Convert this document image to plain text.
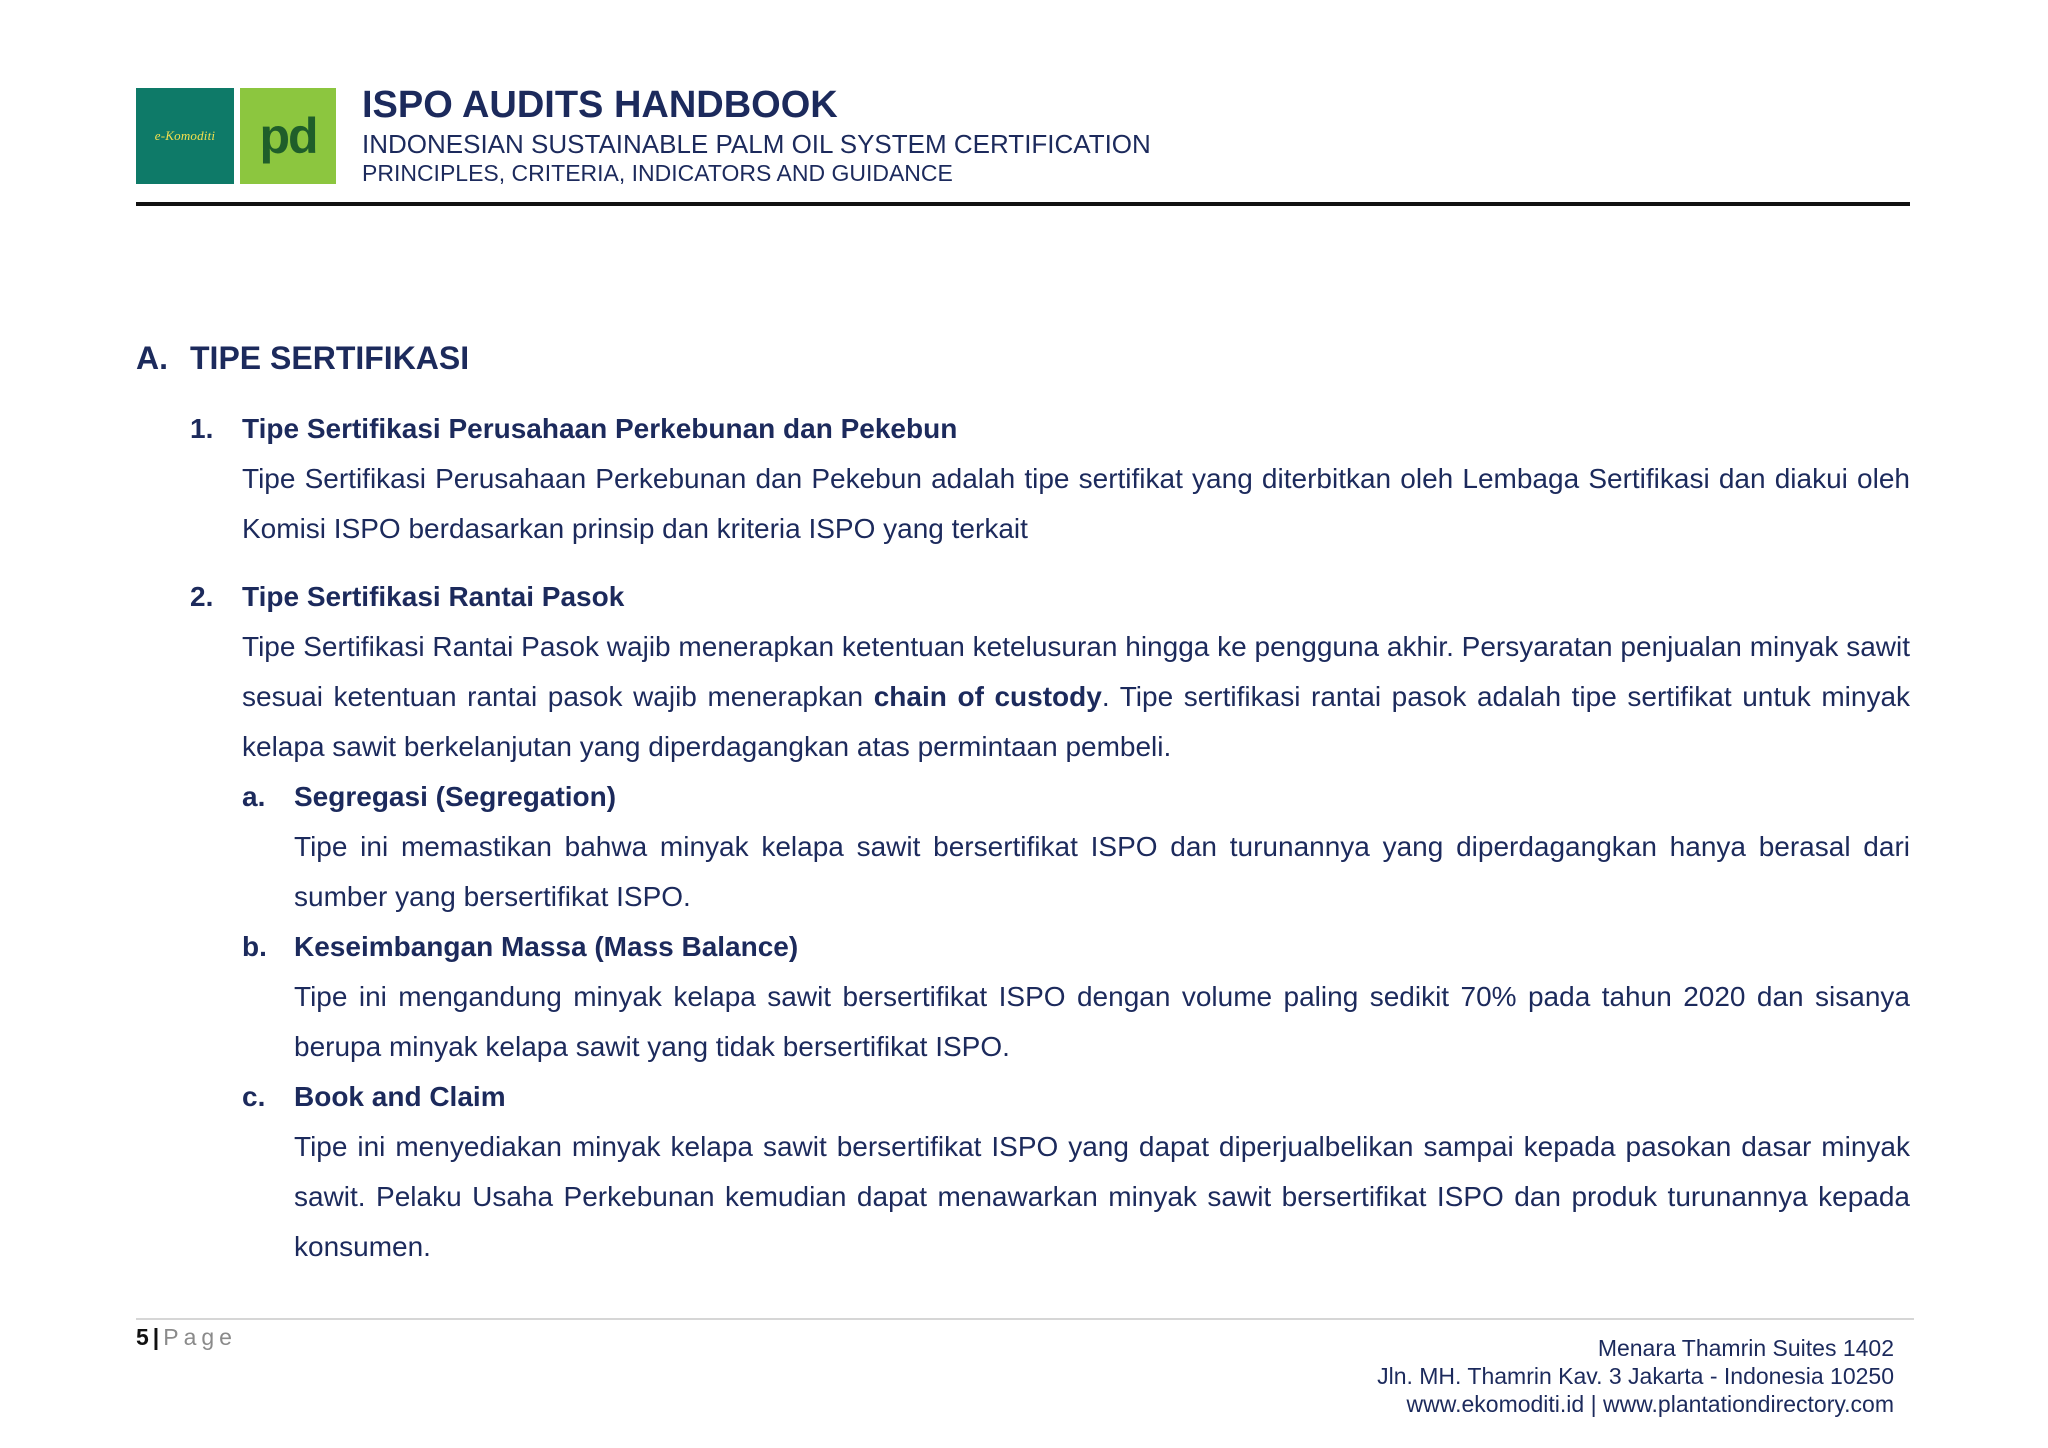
e-Komoditi pd
ISPO AUDITS HANDBOOK
INDONESIAN SUSTAINABLE PALM OIL SYSTEM CERTIFICATION
PRINCIPLES, CRITERIA, INDICATORS AND GUIDANCE
A. TIPE SERTIFIKASI
1. Tipe Sertifikasi Perusahaan Perkebunan dan Pekebun

Tipe Sertifikasi Perusahaan Perkebunan dan Pekebun adalah tipe sertifikat yang diterbitkan oleh Lembaga Sertifikasi dan diakui oleh Komisi ISPO berdasarkan prinsip dan kriteria ISPO yang terkait

2. Tipe Sertifikasi Rantai Pasok

Tipe Sertifikasi Rantai Pasok wajib menerapkan ketentuan ketelusuran hingga ke pengguna akhir. Persyaratan penjualan minyak sawit sesuai ketentuan rantai pasok wajib menerapkan chain of custody. Tipe sertifikasi rantai pasok adalah tipe sertifikat untuk minyak kelapa sawit berkelanjutan yang diperdagangkan atas permintaan pembeli.

a. Segregasi (Segregation)

Tipe ini memastikan bahwa minyak kelapa sawit bersertifikat ISPO dan turunannya yang diperdagangkan hanya berasal dari sumber yang bersertifikat ISPO.

b. Keseimbangan Massa (Mass Balance)

Tipe ini mengandung minyak kelapa sawit bersertifikat ISPO dengan volume paling sedikit 70% pada tahun 2020 dan sisanya berupa minyak kelapa sawit yang tidak bersertifikat ISPO.

c. Book and Claim

Tipe ini menyediakan minyak kelapa sawit bersertifikat ISPO yang dapat diperjualbelikan sampai kepada pasokan dasar minyak sawit. Pelaku Usaha Perkebunan kemudian dapat menawarkan minyak sawit bersertifikat ISPO dan produk turunannya kepada konsumen.

5 | Page	Menara Thamrin Suites 1402
Jln. MH. Thamrin Kav. 3 Jakarta - Indonesia 10250
www.ekomoditi.id | www.plantationdirectory.com
